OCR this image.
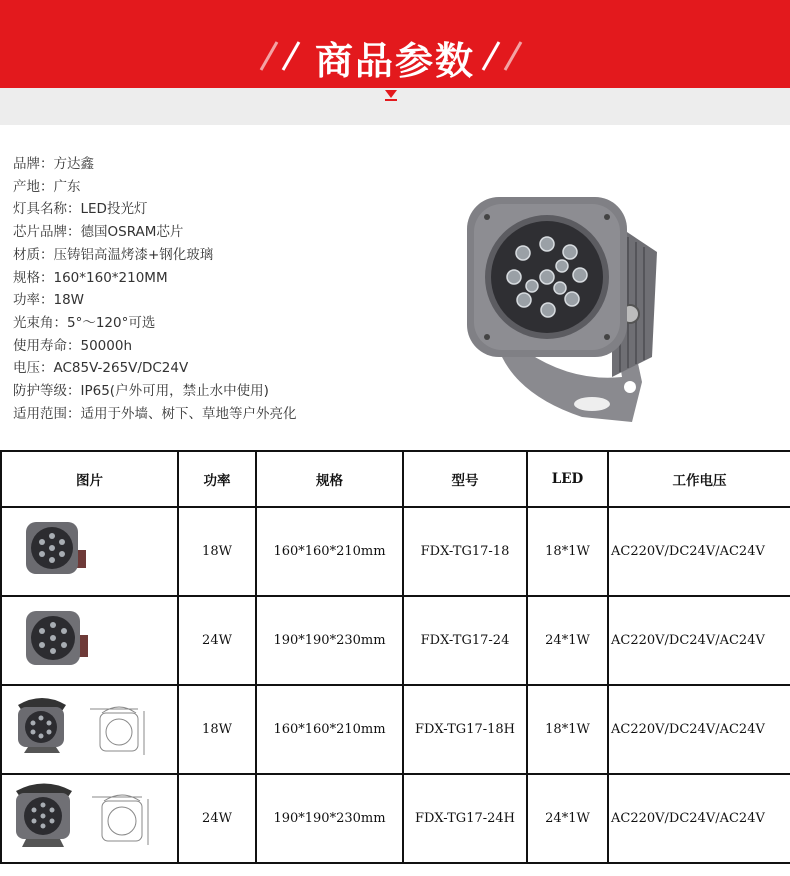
商品参数
品牌：方达鑫
产地：广东
灯具名称：LED投光灯
芯片品牌：德国OSRAM芯片
材质：压铸铝高温烤漆+钢化玻璃
规格：160*160*210MM
功率：18W
光束角：5°～120°可选
使用寿命：50000h
电压：AC85V-265V/DC24V
防护等级：IP65(户外可用，禁止水中使用)
适用范围：适用于外墙、树下、草地等户外亮化
图片	功率	规格	型号	LED	工作电压
	18W	160*160*210mm	FDX-TG17-18	18*1W	AC220V/DC24V/AC24V
	24W	190*190*230mm	FDX-TG17-24	24*1W	AC220V/DC24V/AC24V
	18W	160*160*210mm	FDX-TG17-18H	18*1W	AC220V/DC24V/AC24V
	24W	190*190*230mm	FDX-TG17-24H	24*1W	AC220V/DC24V/AC24V
